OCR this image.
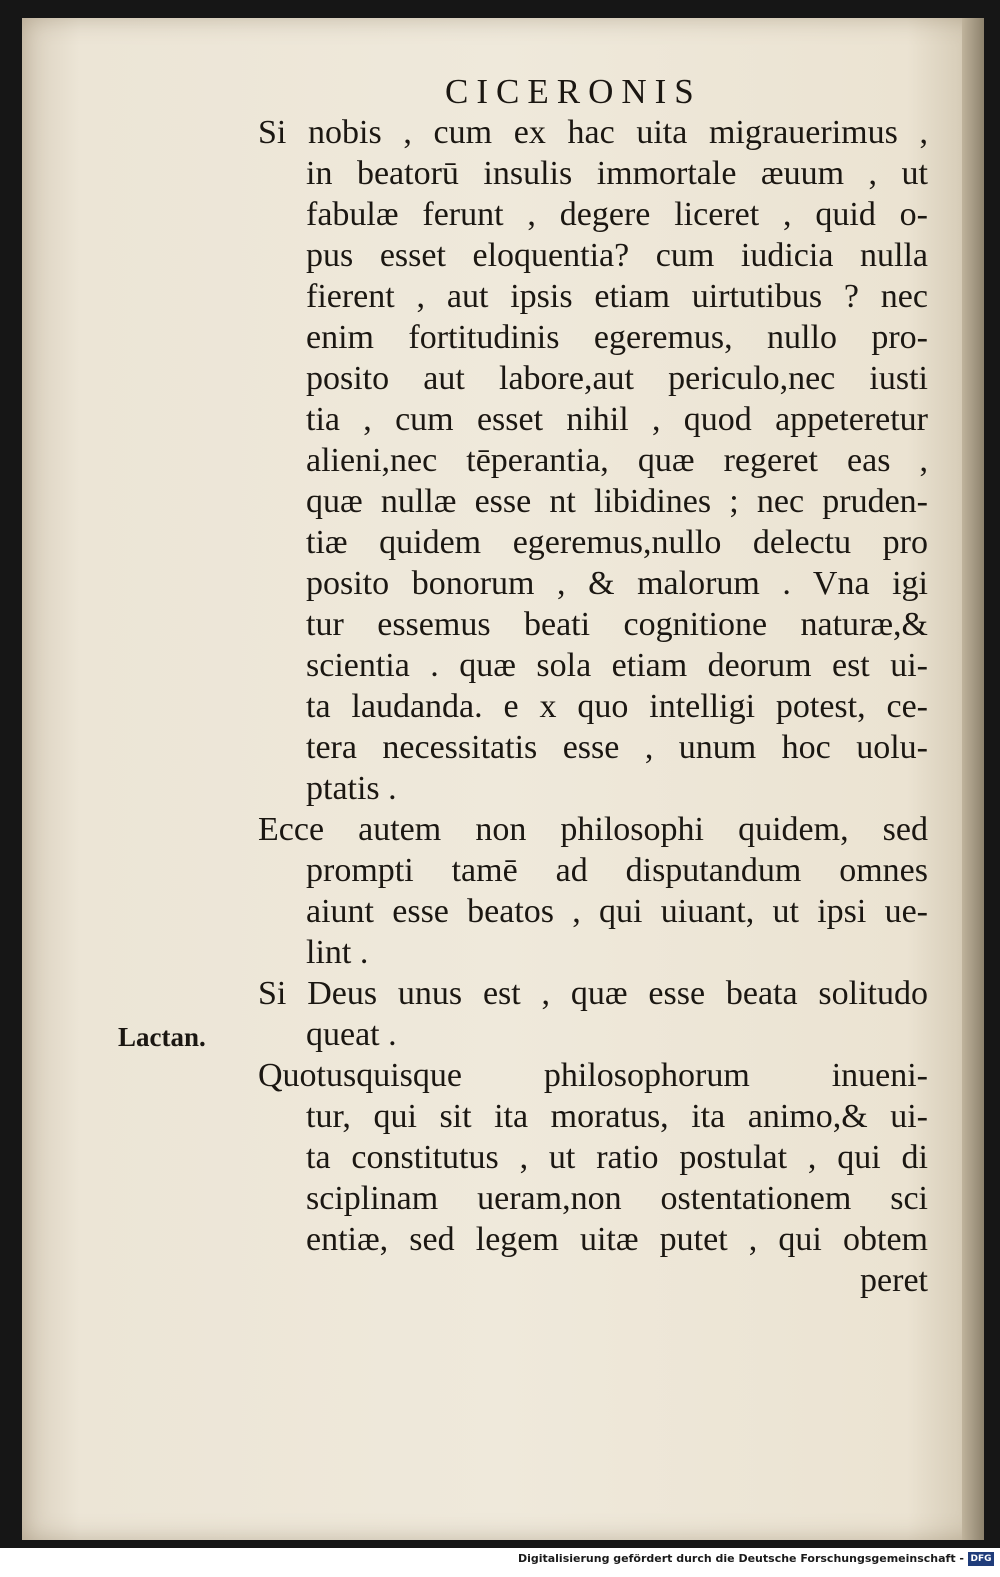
CICERONIS
Lactan.
Si nobis , cum ex hac uita migrauerimus ,
in beatorū insulis immortale æuum , ut
fabulæ ferunt , degere liceret , quid o-
pus esset eloquentia? cum iudicia nulla
fierent , aut ipsis etiam uirtutibus ? nec
enim fortitudinis egeremus, nullo pro-
posito aut labore,aut periculo,nec iusti
tia , cum esset nihil , quod appeteretur
alieni,nec tēperantia, quæ regeret eas ,
quæ nullæ esse nt libidines ; nec pruden-
tiæ quidem egeremus,nullo delectu pro
posito bonorum , & malorum . Vna igi
tur essemus beati cognitione naturæ,&
scientia . quæ sola etiam deorum est ui-
ta laudanda. e x quo intelligi potest, ce-
tera necessitatis esse , unum hoc uolu-
ptatis .
Ecce autem non philosophi quidem, sed
prompti tamē ad disputandum omnes
aiunt esse beatos , qui uiuant, ut ipsi ue-
lint .
Si Deus unus est , quæ esse beata solitudo
queat .
Quotusquisque philosophorum inueni-
tur, qui sit ita moratus, ita animo,& ui-
ta constitutus , ut ratio postulat , qui di
sciplinam ueram,non ostentationem sci
entiæ, sed legem uitæ putet , qui obtem
peret
Digitalisierung gefördert durch die Deutsche Forschungsgemeinschaft - DFG
